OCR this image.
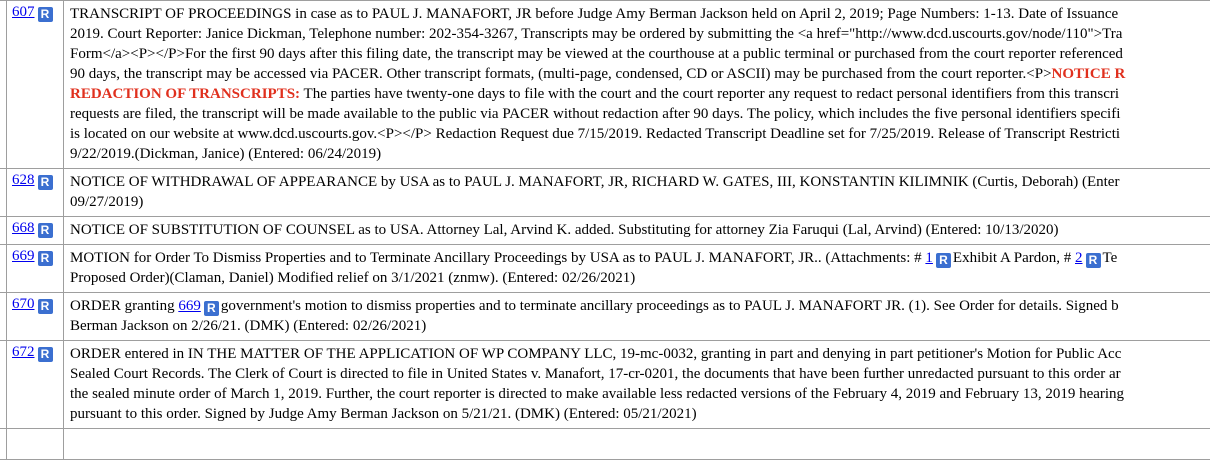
607 R	TRANSCRIPT OF PROCEEDINGS in case as to PAUL J. MANAFORT, JR before Judge Amy Berman Jackson held on April 2, 2019; Page Numbers: 1-13. Date of Issuance
2019. Court Reporter: Janice Dickman, Telephone number: 202-354-3267, Transcripts may be ordered by submitting the <a href="http://www.dcd.uscourts.gov/node/110">Tra
Form</a><P></P>For the first 90 days after this filing date, the transcript may be viewed at the courthouse at a public terminal or purchased from the court reporter referenced
90 days, the transcript may be accessed via PACER. Other transcript formats, (multi-page, condensed, CD or ASCII) may be purchased from the court reporter.<P>NOTICE R
REDACTION OF TRANSCRIPTS: The parties have twenty-one days to file with the court and the court reporter any request to redact personal identifiers from this transcri
requests are filed, the transcript will be made available to the public via PACER without redaction after 90 days. The policy, which includes the five personal identifiers specifi
is located on our website at www.dcd.uscourts.gov.<P></P> Redaction Request due 7/15/2019. Redacted Transcript Deadline set for 7/25/2019. Release of Transcript Restricti
9/22/2019.(Dickman, Janice) (Entered: 06/24/2019)
628 R	NOTICE OF WITHDRAWAL OF APPEARANCE by USA as to PAUL J. MANAFORT, JR, RICHARD W. GATES, III, KONSTANTIN KILIMNIK (Curtis, Deborah) (Enter
09/27/2019)
668 R	NOTICE OF SUBSTITUTION OF COUNSEL as to USA. Attorney Lal, Arvind K. added. Substituting for attorney Zia Faruqui (Lal, Arvind) (Entered: 10/13/2020)
669 R	MOTION for Order To Dismiss Properties and to Terminate Ancillary Proceedings by USA as to PAUL J. MANAFORT, JR.. (Attachments: # 1 R Exhibit A Pardon, # 2 R Te
Proposed Order)(Claman, Daniel) Modified relief on 3/1/2021 (znmw). (Entered: 02/26/2021)
670 R	ORDER granting 669 R government's motion to dismiss properties and to terminate ancillary proceedings as to PAUL J. MANAFORT JR. (1). See Order for details. Signed b
Berman Jackson on 2/26/21. (DMK) (Entered: 02/26/2021)
672 R	ORDER entered in IN THE MATTER OF THE APPLICATION OF WP COMPANY LLC, 19-mc-0032, granting in part and denying in part petitioner's Motion for Public Acc
Sealed Court Records. The Clerk of Court is directed to file in United States v. Manafort, 17-cr-0201, the documents that have been further unredacted pursuant to this order ar
the sealed minute order of March 1, 2019. Further, the court reporter is directed to make available less redacted versions of the February 4, 2019 and February 13, 2019 hearing
pursuant to this order. Signed by Judge Amy Berman Jackson on 5/21/21. (DMK) (Entered: 05/21/2021)
